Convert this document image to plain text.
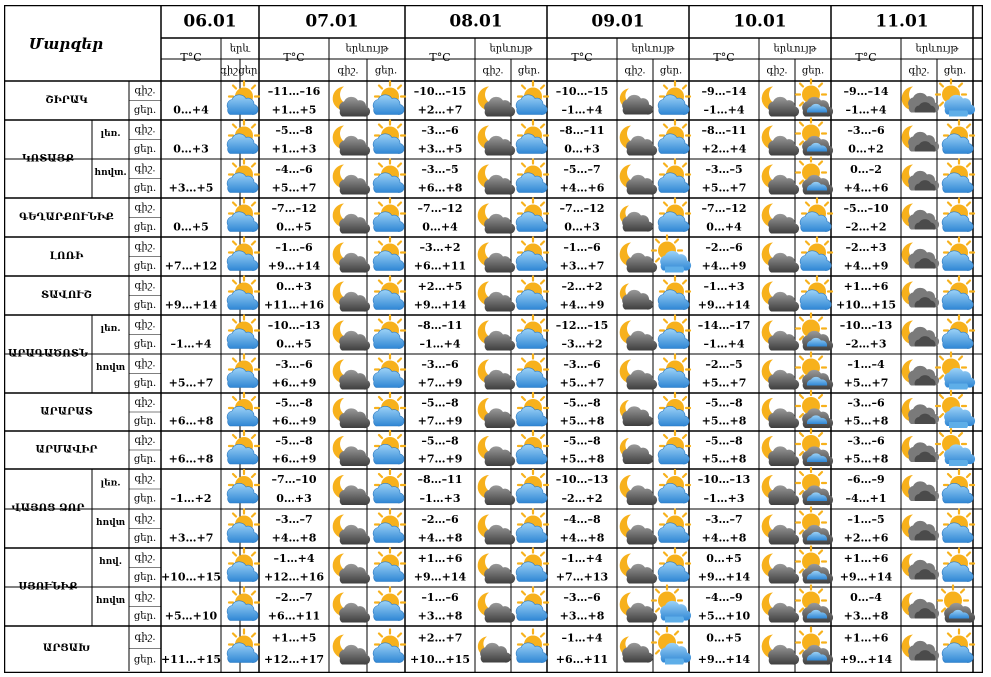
Մարզեր
06.01
T°C
երև
գիշ.
ցեր.
07.01
T°C
երևույթ
գիշ. ցեր.
08.01
T°C
երևույթ
գիշ. ցեր.
09.01
T°C
երևույթ
գիշ. ցեր.
10.01
T°C
երևույթ
գիշ. ցեր.
11.01
T°C
երևույթ
գիշ. ցեր.
ՇԻՐԱԿ
գիշ.
ցեր. 0…+4
–11…–16
+1…+5
–10…–15
+2…+7
–10…–15
–1…+4
–9…–14
–1…+4
–9…–14
–1…+4
ԿՈՏԱՅՔ
լեռ. գիշ.
ցեր. 0…+3
–5…–8
+1…+3
–3…–6
+3…+5
–8…–11
0…+3
–8…–11
+2…+4
–3…–6
0…+2
հովտ. գիշ.
ցեր. +3…+5
–4…–6
+5…+7
–3…–5
+6…+8
–5…–7
+4…+6
–3…–5
+5…+7
0…–2
+4…+6
ԳԵՂԱՐՔՈՒՆԻՔ
գիշ.
ցեր. 0…+5
–7…–12
0…+5
–7…–12
0…+4
–7…–12
0…+3
–7…–12
0…+4
–5…–10
–2…+2
ԼՈՌԻ
գիշ.
ցեր. +7…+12
–1…–6
+9…+14
–3…+2
+6…+11
–1…–6
+3…+7
–2…–6
+4…+9
–2…+3
+4…+9
ՏԱՎՈՒՇ
գիշ.
ցեր. +9…+14
0…+3
+11…+16
+2…+5
+9…+14
–2…+2
+4…+9
–1…+3
+9…+14
+1…+6
+10…+15
ԱՐԱԳԱԾՈՏՆ
լեռ. գիշ.
ցեր. –1…+4
–10…–13
0…+5
–8…–11
–1…+4
–12…–15
–3…+2
–14…–17
–1…+4
–10…–13
–2…+3
հովտ գիշ.
ցեր. +5…+7
–3…–6
+6…+9
–3…–6
+7…+9
–3…–6
+5…+7
–2…–5
+5…+7
–1…–4
+5…+7
ԱՐԱՐԱՏ
գիշ.
ցեր. +6…+8
–5…–8
+6…+9
–5…–8
+7…+9
–5…–8
+5…+8
–5…–8
+5…+8
–3…–6
+5…+8
ԱՐՄԱՎԻՐ
գիշ.
ցեր. +6…+8
–5…–8
+6…+9
–5…–8
+7…+9
–5…–8
+5…+8
–5…–8
+5…+8
–3…–6
+5…+8
ՎԱՅՈՑ ՁՈՐ
լեռ. գիշ.
ցեր. –1…+2
–7…–10
0…+3
–8…–11
–1…+3
–10…–13
–2…+2
–10…–13
–1…+3
–6…–9
–4…+1
հովտ գիշ.
ցեր. +3…+7
–3…–7
+4…+8
–2…–6
+4…+8
–4…–8
+4…+8
–3…–7
+4…+8
–1…–5
+2…+6
ՍՅՈՒՆԻՔ
հով. գիշ.
ցեր. +10…+15
–1…+4
+12…+16
+1…+6
+9…+14
–1…+4
+7…+13
0…+5
+9…+14
+1…+6
+9…+14
հովտ գիշ.
ցեր. +5…+10
–2…–7
+6…+11
–1…–6
+3…+8
–3…–6
+3…+8
–4…–9
+5…+10
0…–4
+3…+8
ԱՐՑԱԽ
գիշ.
ցեր. +11…+15
+1…+5
+12…+17
+2…+7
+10…+15
–1…+4
+6…+11
0…+5
+9…+14
+1…+6
+9…+14
